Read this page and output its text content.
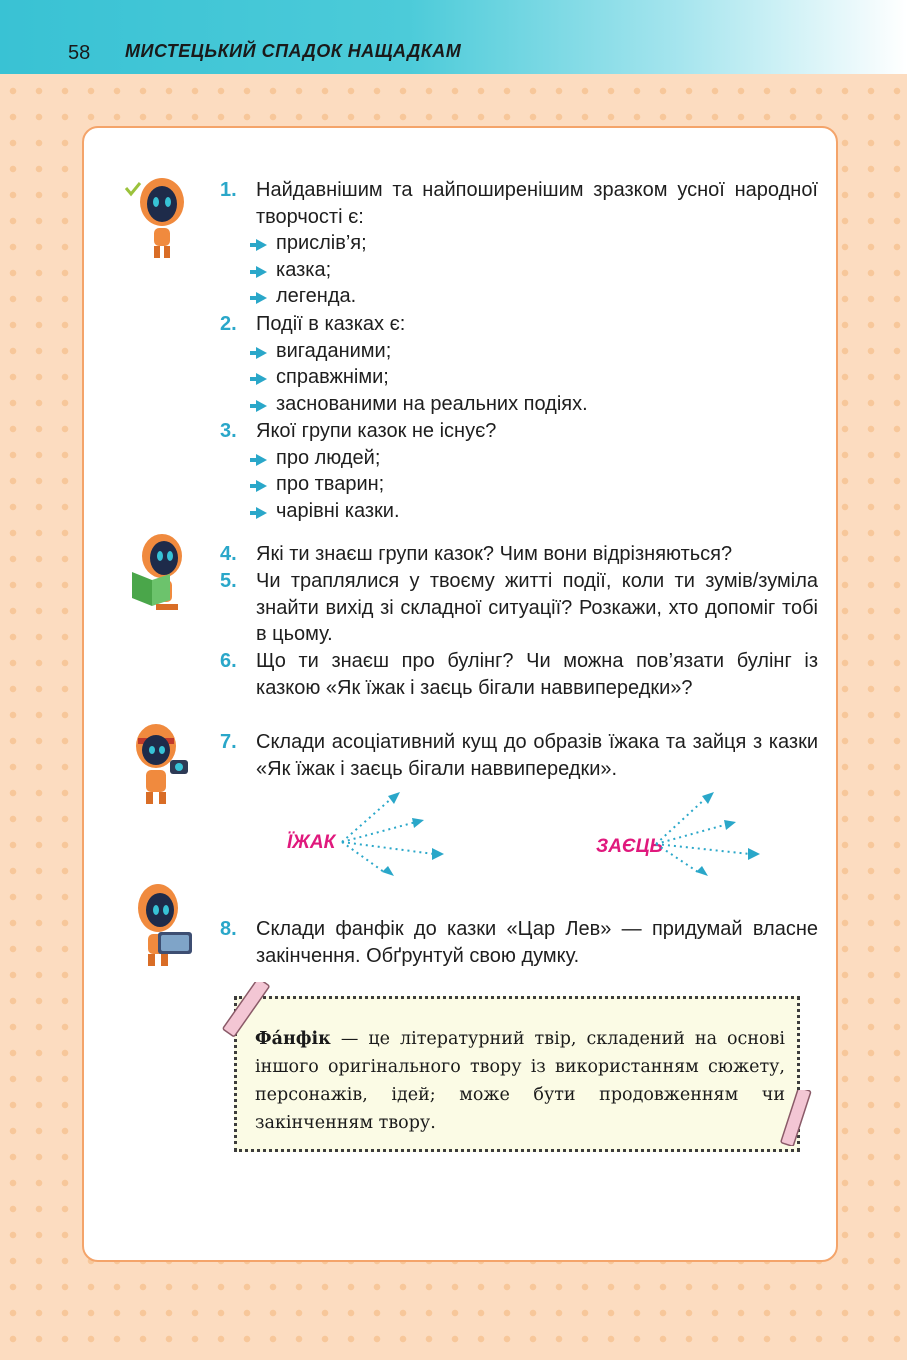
58 МИСТЕЦЬКИЙ СПАДОК НАЩАДКАМ
1. Найдавнішим та найпоширенішим зразком усної народної творчості є:
прислів’я;
казка;
легенда.
2. Події в казках є:
вигаданими;
справжніми;
заснованими на реальних подіях.
3. Якої групи казок не існує?
про людей;
про тварин;
чарівні казки.
4. Які ти знаєш групи казок? Чим вони відрізняються?
5. Чи траплялися у твоєму житті події, коли ти зумів/зуміла знайти вихід зі складної ситуації? Розкажи, хто допоміг тобі в цьому.
6. Що ти знаєш про булінг? Чи можна пов’язати булінг із казкою «Як їжак і заєць бігали наввипередки»?
7. Склади асоціативний кущ до образів їжака та зайця з казки «Як їжак і заєць бігали наввипередки».
ЇЖАК	ЗАЄЦЬ
8. Склади фанфік до казки «Цар Лев» — придумай власне закінчення. Обґрунтуй свою думку.
Фа́нфік — це літературний твір, складений на основі іншого оригінального твору із використанням сюжету, персонажів, ідей; може бути продовженням чи закінченням твору.
